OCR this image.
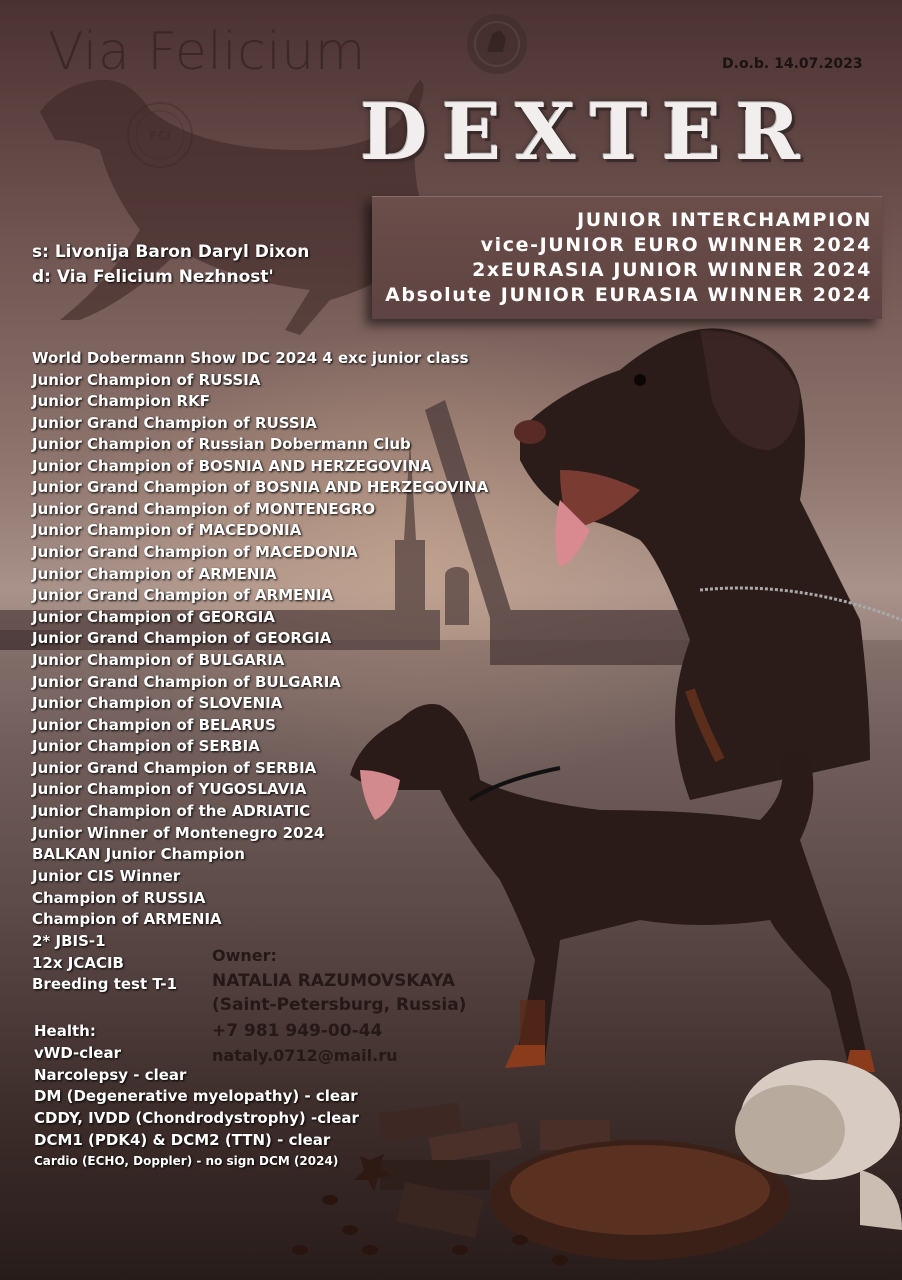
Via Felicium	D.o.b. 14.07.2023
D E X T E R
JUNIOR INTERCHAMPION
vice-JUNIOR EURO WINNER 2024
2xEURASIA JUNIOR WINNER 2024
Absolute JUNIOR EURASIA WINNER 2024
s: Livonija Baron Daryl Dixon
d: Via Felicium Nezhnost'
World Dobermann Show IDC 2024 4 exc junior class
Junior Champion of RUSSIA
Junior Champion RKF
Junior Grand Champion of RUSSIA
Junior Champion of Russian Dobermann Club
Junior Champion of BOSNIA AND HERZEGOVINA
Junior Grand Champion of BOSNIA AND HERZEGOVINA
Junior Grand Champion of MONTENEGRO
Junior Champion of MACEDONIA
Junior Grand Champion of MACEDONIA
Junior Champion of ARMENIA
Junior Grand Champion of ARMENIA
Junior Champion of GEORGIA
Junior Grand Champion of GEORGIA
Junior Champion of BULGARIA
Junior Grand Champion of BULGARIA
Junior Champion of SLOVENIA
Junior Champion of BELARUS
Junior Champion of SERBIA
Junior Grand Champion of SERBIA
Junior Champion of YUGOSLAVIA
Junior Champion of the ADRIATIC
Junior Winner of Montenegro 2024
BALKAN Junior Champion
Junior CIS Winner
Champion of RUSSIA
Champion of ARMENIA
2* JBIS-1
12x JCACIB
Breeding test T-1
Owner:
NATALIA RAZUMOVSKAYA
(Saint-Petersburg, Russia)
+7 981 949-00-44
nataly.0712@mail.ru
Health:
vWD-clear
Narcolepsy - clear
DM (Degenerative myelopathy) - clear
CDDY, IVDD (Chondrodystrophy) -clear
DCM1 (PDK4) & DCM2 (TTN) - clear
Cardio (ECHO, Doppler) - no sign DCM (2024)
